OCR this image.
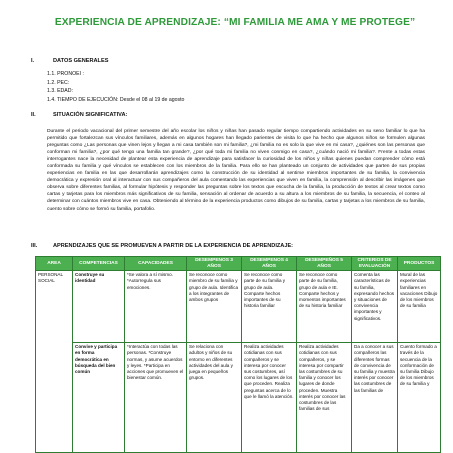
EXPERIENCIA DE APRENDIZAJE: “MI FAMILIA ME AMA Y ME PROTEGE”
I.	DATOS GENERALES
1.1. PRONOEI :
1.2. PEC:
1.3. EDAD:
1.4. TIEMPO DE EJECUCIÓN: Desde el 08 al 19 de agosto
II.	SITUACIÓN SIGNIFICATIVA:
Durante el periodo vacacional del primer semestre del año escolar los niños y niñas han pasado regular tiempo compartiendo actividades en su seno familiar lo que ha permitido que fortalezcan sus vínculos familiares, además en algunos hogares han llegado parientes de visita lo que ha hecho que algunos niños se formulen algunas preguntas como ¿Las personas que vinen lejos y llegan a mi casa también son mi familia?, ¿mi familia no es solo la que vive en mi casa?, ¿quiénes son las personas que conforman mi familia?, ¿por qué tengo una familia tan grande?, ¿por qué toda mi familia no viven conmigo en casa?, ¿cuándo nació mi familia?. Frente a todas estas interrogantes nace la necesidad de plantear esta experiencia de aprendizaje para satisfacer la curiosidad de los niños y niñas quienes puedan comprender cómo está conformada su familia y qué vínculos se establecen con los miembros de la familia. Para ello se han planteado un conjunto de actividades que parten de sus propias experiencias en familia en las que desarrollarán aprendizajes como la construcción de su identidad al sentirse miembros importantes de su familia, la convivencia democrática y expresión oral al interactuar con sus compañeros del aula comentando las experiencias que viven en familia, la comprensión al describir las imágenes que observa sobre diferentes familias, al formular hipótesis y responder las preguntas sobre los textos que escucha de la familia, la producción de textos al crear textos como cartas y tarjetas para los miembros más significativos de su familia, sensación al ordenar de acuerdo a su altura a los miembros de su familia, la secuencia, el conteo al determinar con cuántos miembros vive en casa. Obteniendo al término de la experiencia productos como dibujos de su familia, cartas y tarjetas a los miembros de su familia, cuento sobre cómo se formó su familia, portafolio.
III.	APRENDIZAJES QUE SE PROMUEVEN A PARTIR DE LA EXPERIENCIA DE APRENDIZAJE:
AREA	COMPETENCIAS	CAPACIDADES	DESEMPENOS 3 AÑOS	DESEMPENOS 4 AÑOS	DESEMPEÑOS 5 AÑOS	CRITERIOS DE EVALUACIÓN	PRODUCTOS
PERSONAL SOCIAL	Construye su identidad	*Se valora a sí mismo. *Autorregula sus emociones.	Se reconoce como miembro de su familia y grupo de aula. Identifica a los integrantes de ambos grupos	Se reconoce como parte de su familia y grupo de aula. Comparte hechos importantes de su historia familiar	Se reconoce como parte de su familia, grupo de aula e IE. Comparte hechos y momentos importantes de su historia familiar	Comenta las características de su familia, expresando hechos y situaciones de convivencia importantes y significativos.	Mural de las experiencias familiares en vacaciones Dibujo de los miembros de su familia
	Convive y participa en forma democrática en búsqueda del bien común	*Interactúa con todas las personas. *Construye normas, y asume acuerdos y leyes. *Participa en acciones que promueven el bienestar común.	Se relaciona con adultos y niños de su entorno en diferentes actividades del aula y juega en pequeños grupos.	Realiza actividades cotidianas con sus compañeros y se interesa por conocer sus costumbres, así como los lugares de los que proceden. Realiza preguntas acerca de lo que le llamó la atención.	Realiza actividades cotidianas con sus compañeros, y se interesa por compartir las costumbres de su familia y conocer los lugares de donde proceden. Muestra interés por conocer las costumbres de las familias de sus	Da a conocer a sus compañeros las diferentes formas de convivencia de su familia y muestra interés por conocer las costumbres de las familias de	Cuento formado a través de la secuencia de la conformación de su familia Dibujo de los miembros de su familia y
